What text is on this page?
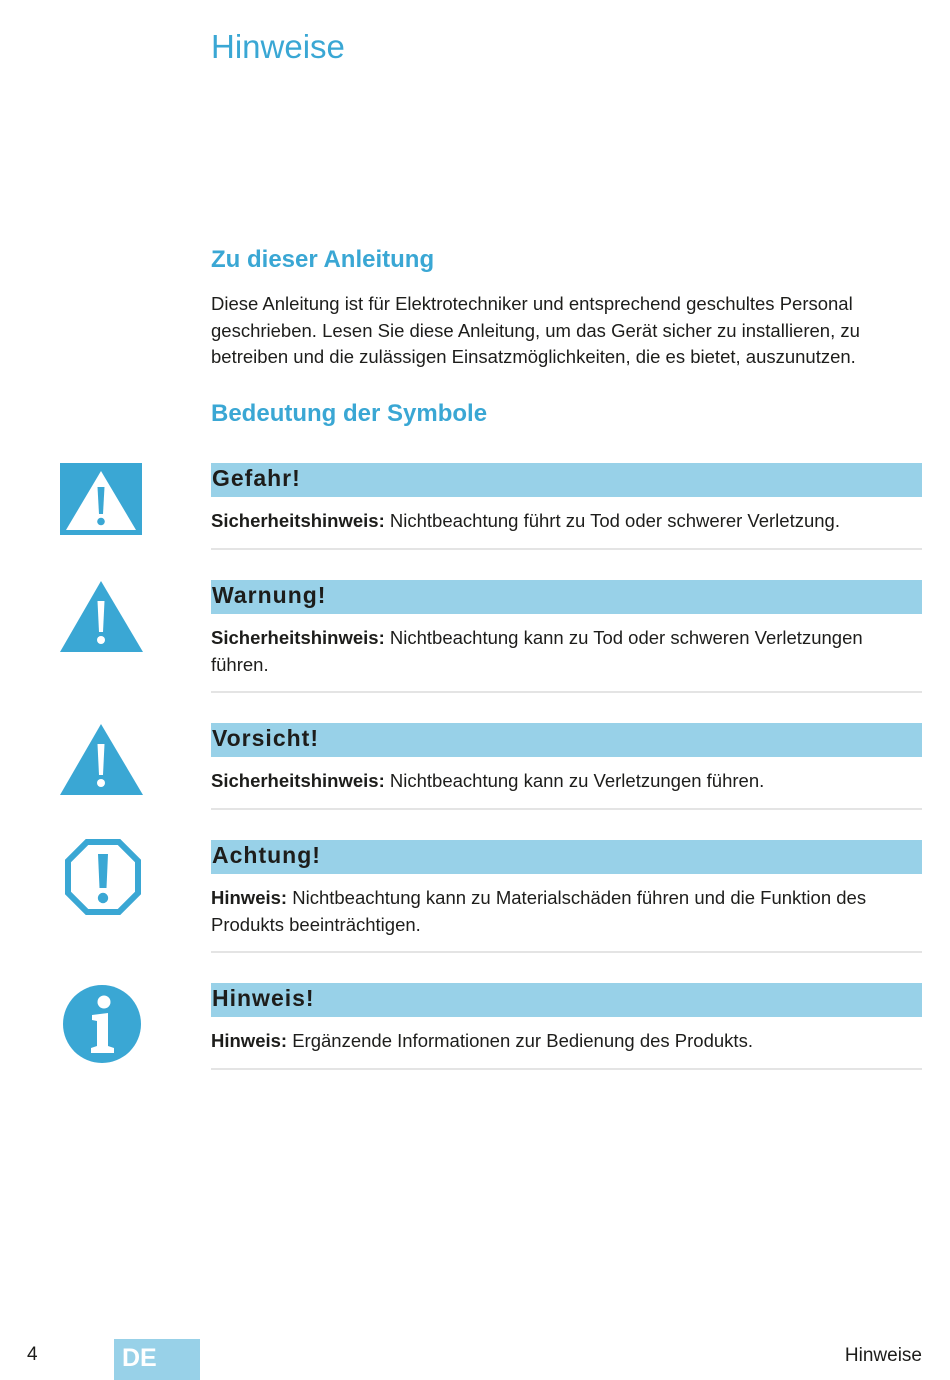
Hinweise
Zu dieser Anleitung
Diese Anleitung ist für Elektrotechniker und entsprechend geschultes Personal geschrieben. Lesen Sie diese Anleitung, um das Gerät sicher zu installieren, zu betreiben und die zulässigen Einsatzmöglichkeiten, die es bietet, auszunutzen.
Bedeutung der Symbole
Gefahr!
Sicherheitshinweis: Nichtbeachtung führt zu Tod oder schwerer Verletzung.
Warnung!
Sicherheitshinweis: Nichtbeachtung kann zu Tod oder schweren Verletzungen führen.
Vorsicht!
Sicherheitshinweis: Nichtbeachtung kann zu Verletzungen führen.
Achtung!
Hinweis: Nichtbeachtung kann zu Materialschäden führen und die Funktion des Produkts beeinträchtigen.
Hinweis!
Hinweis: Ergänzende Informationen zur Bedienung des Produkts.
4	DE	Hinweise
